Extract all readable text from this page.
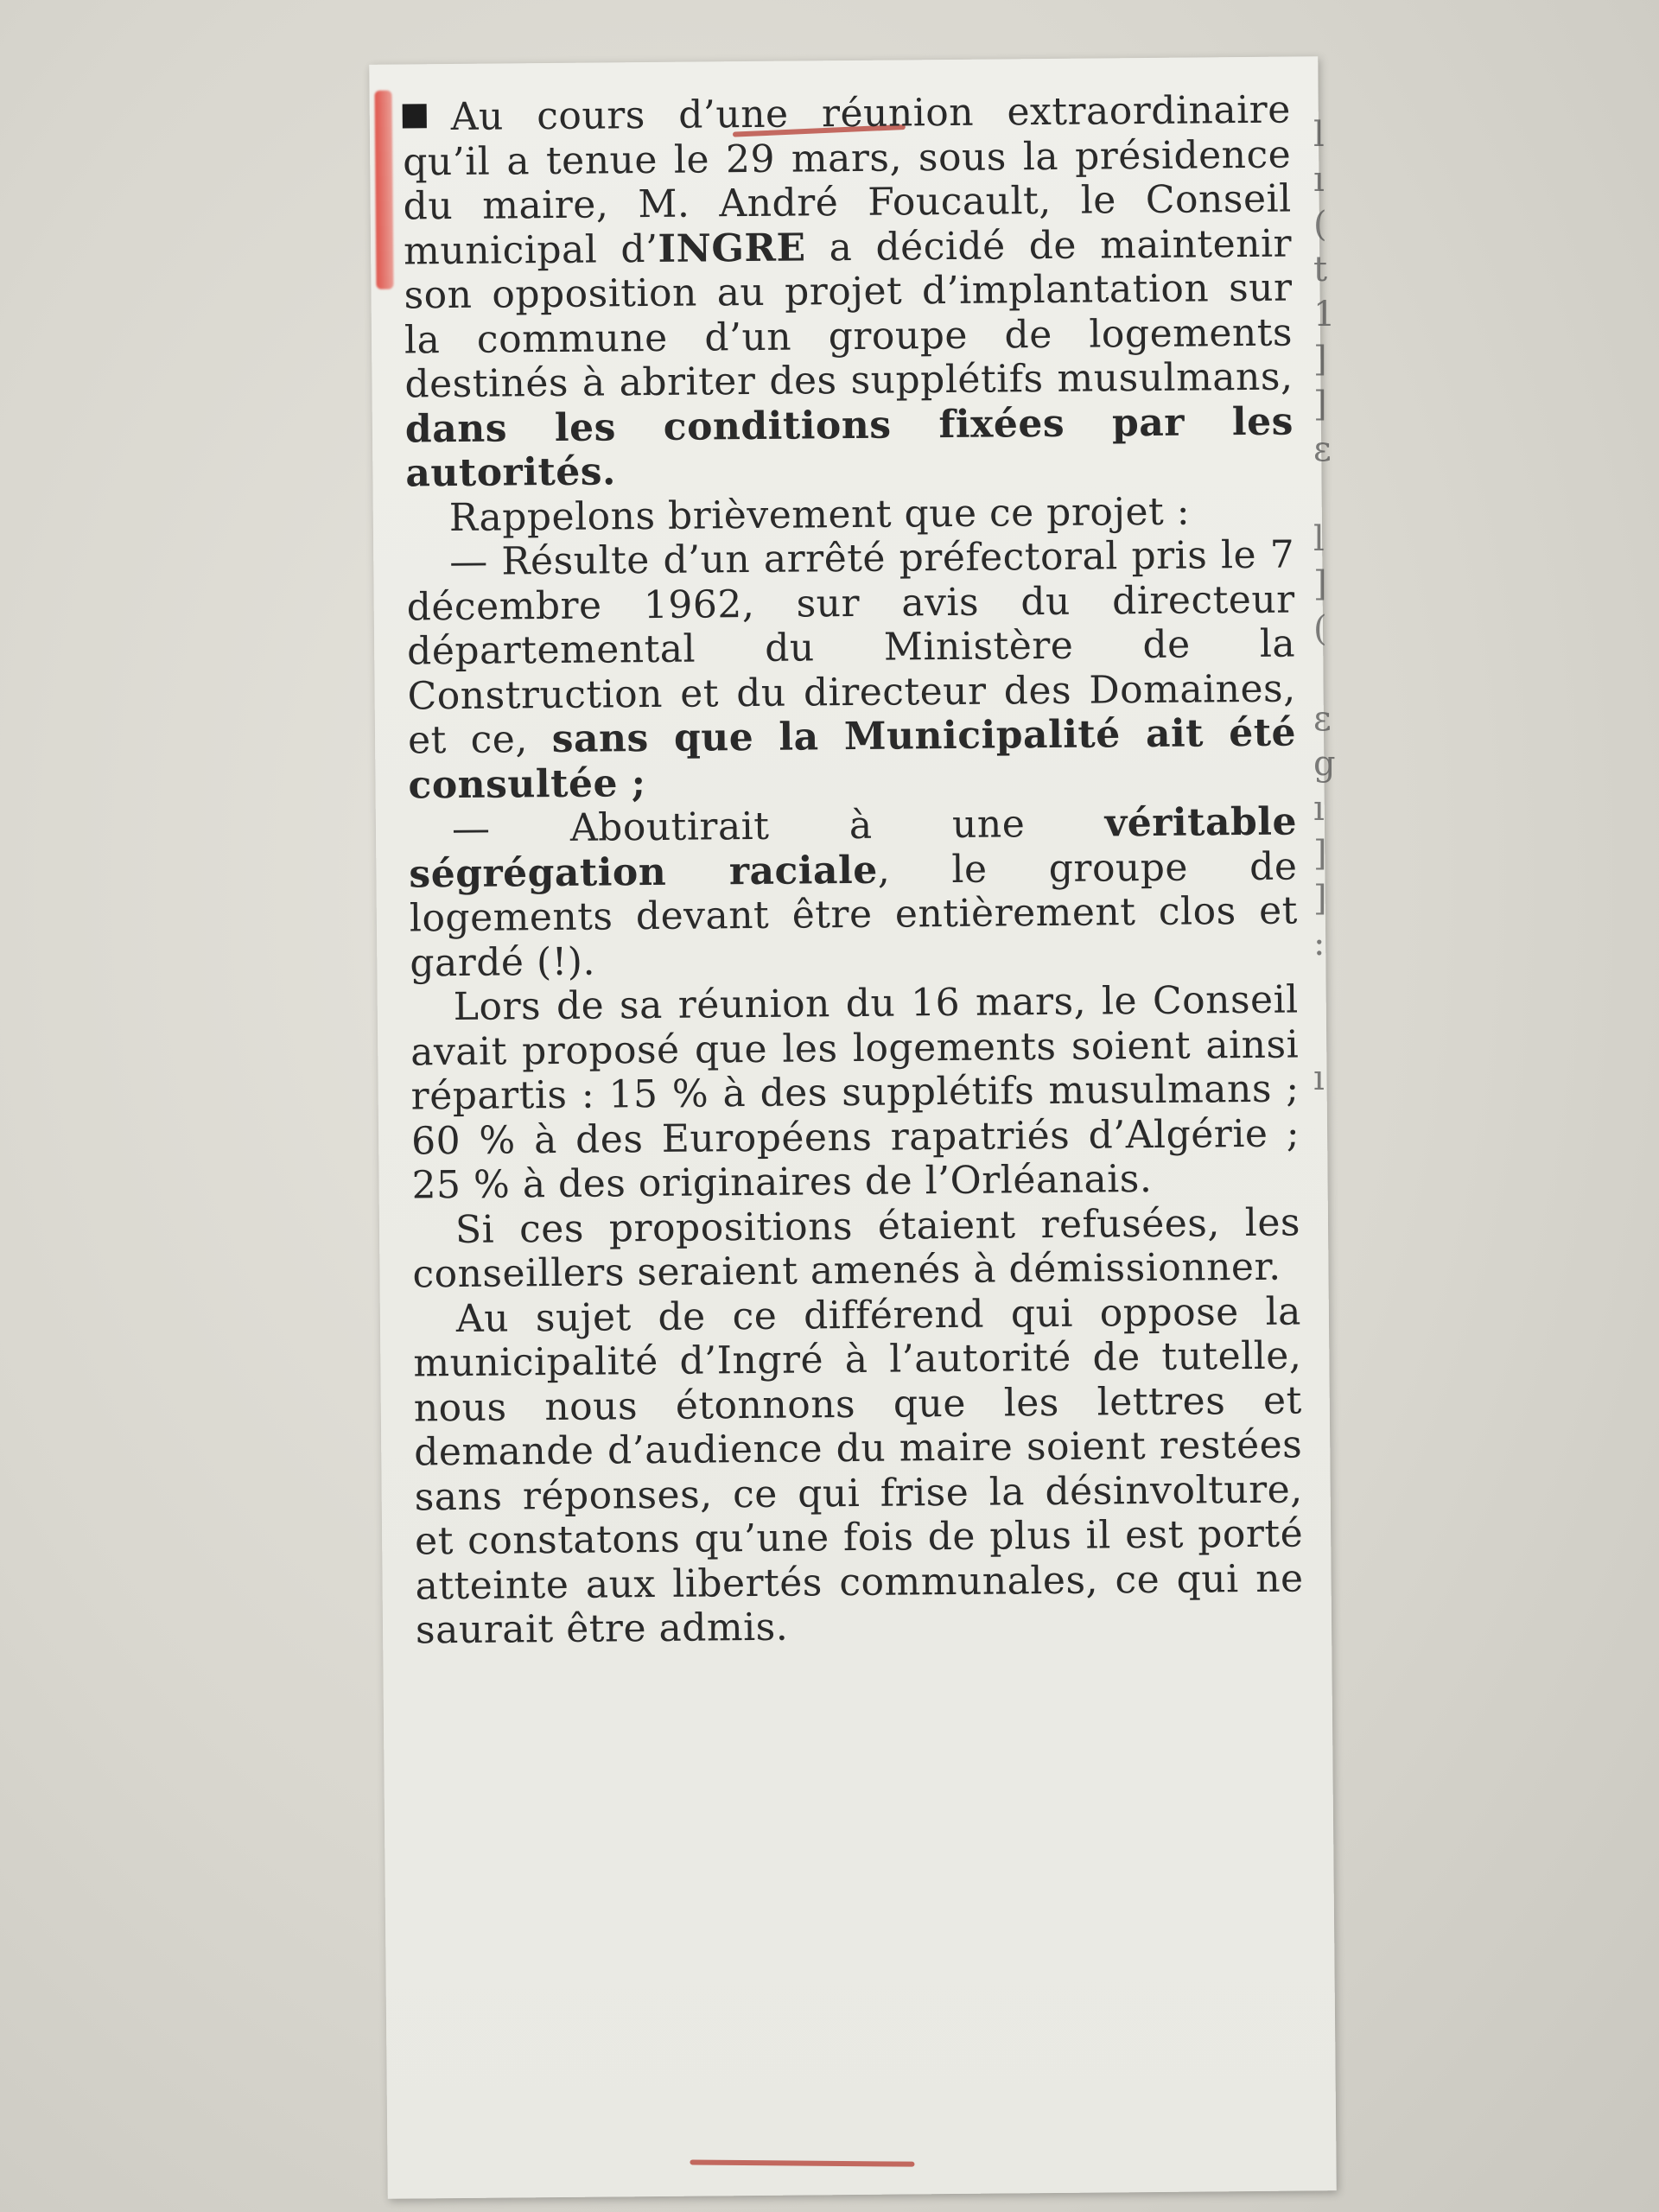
Au cours d’une réunion extraordinaire qu’il a tenue le 29 mars, sous la présidence du maire, M. André Foucault, le Conseil municipal d’INGRE a décidé de maintenir son opposition au projet d’implantation sur la commune d’un groupe de logements destinés à abriter des supplétifs musulmans, dans les conditions fixées par les autorités.

Rappelons brièvement que ce projet :

— Résulte d’un arrêté préfectoral pris le 7 décembre 1962, sur avis du directeur départemental du Ministère de la Construction et du directeur des Domaines, et ce, sans que la Municipalité ait été consultée ;

— Aboutirait à une véritable ségrégation raciale, le groupe de logements devant être entièrement clos et gardé (!).

Lors de sa réunion du 16 mars, le Conseil avait proposé que les logements soient ainsi répartis : 15 % à des supplétifs musulmans ; 60 % à des Européens rapatriés d’Algérie ; 25 % à des originaires de l’Orléanais.

Si ces propositions étaient refusées, les conseillers seraient amenés à démissionner.

Au sujet de ce différend qui oppose la municipalité d’Ingré à l’autorité de tutelle, nous nous étonnons que les lettres et demande d’audience du maire soient restées sans réponses, ce qui frise la désinvolture, et constatons qu’une fois de plus il est porté atteinte aux libertés communales, ce qui ne saurait être admis.

l
ı
(
t
1
]
]
ε

l
]
(

ε
g
ı
]
]
:

ı
